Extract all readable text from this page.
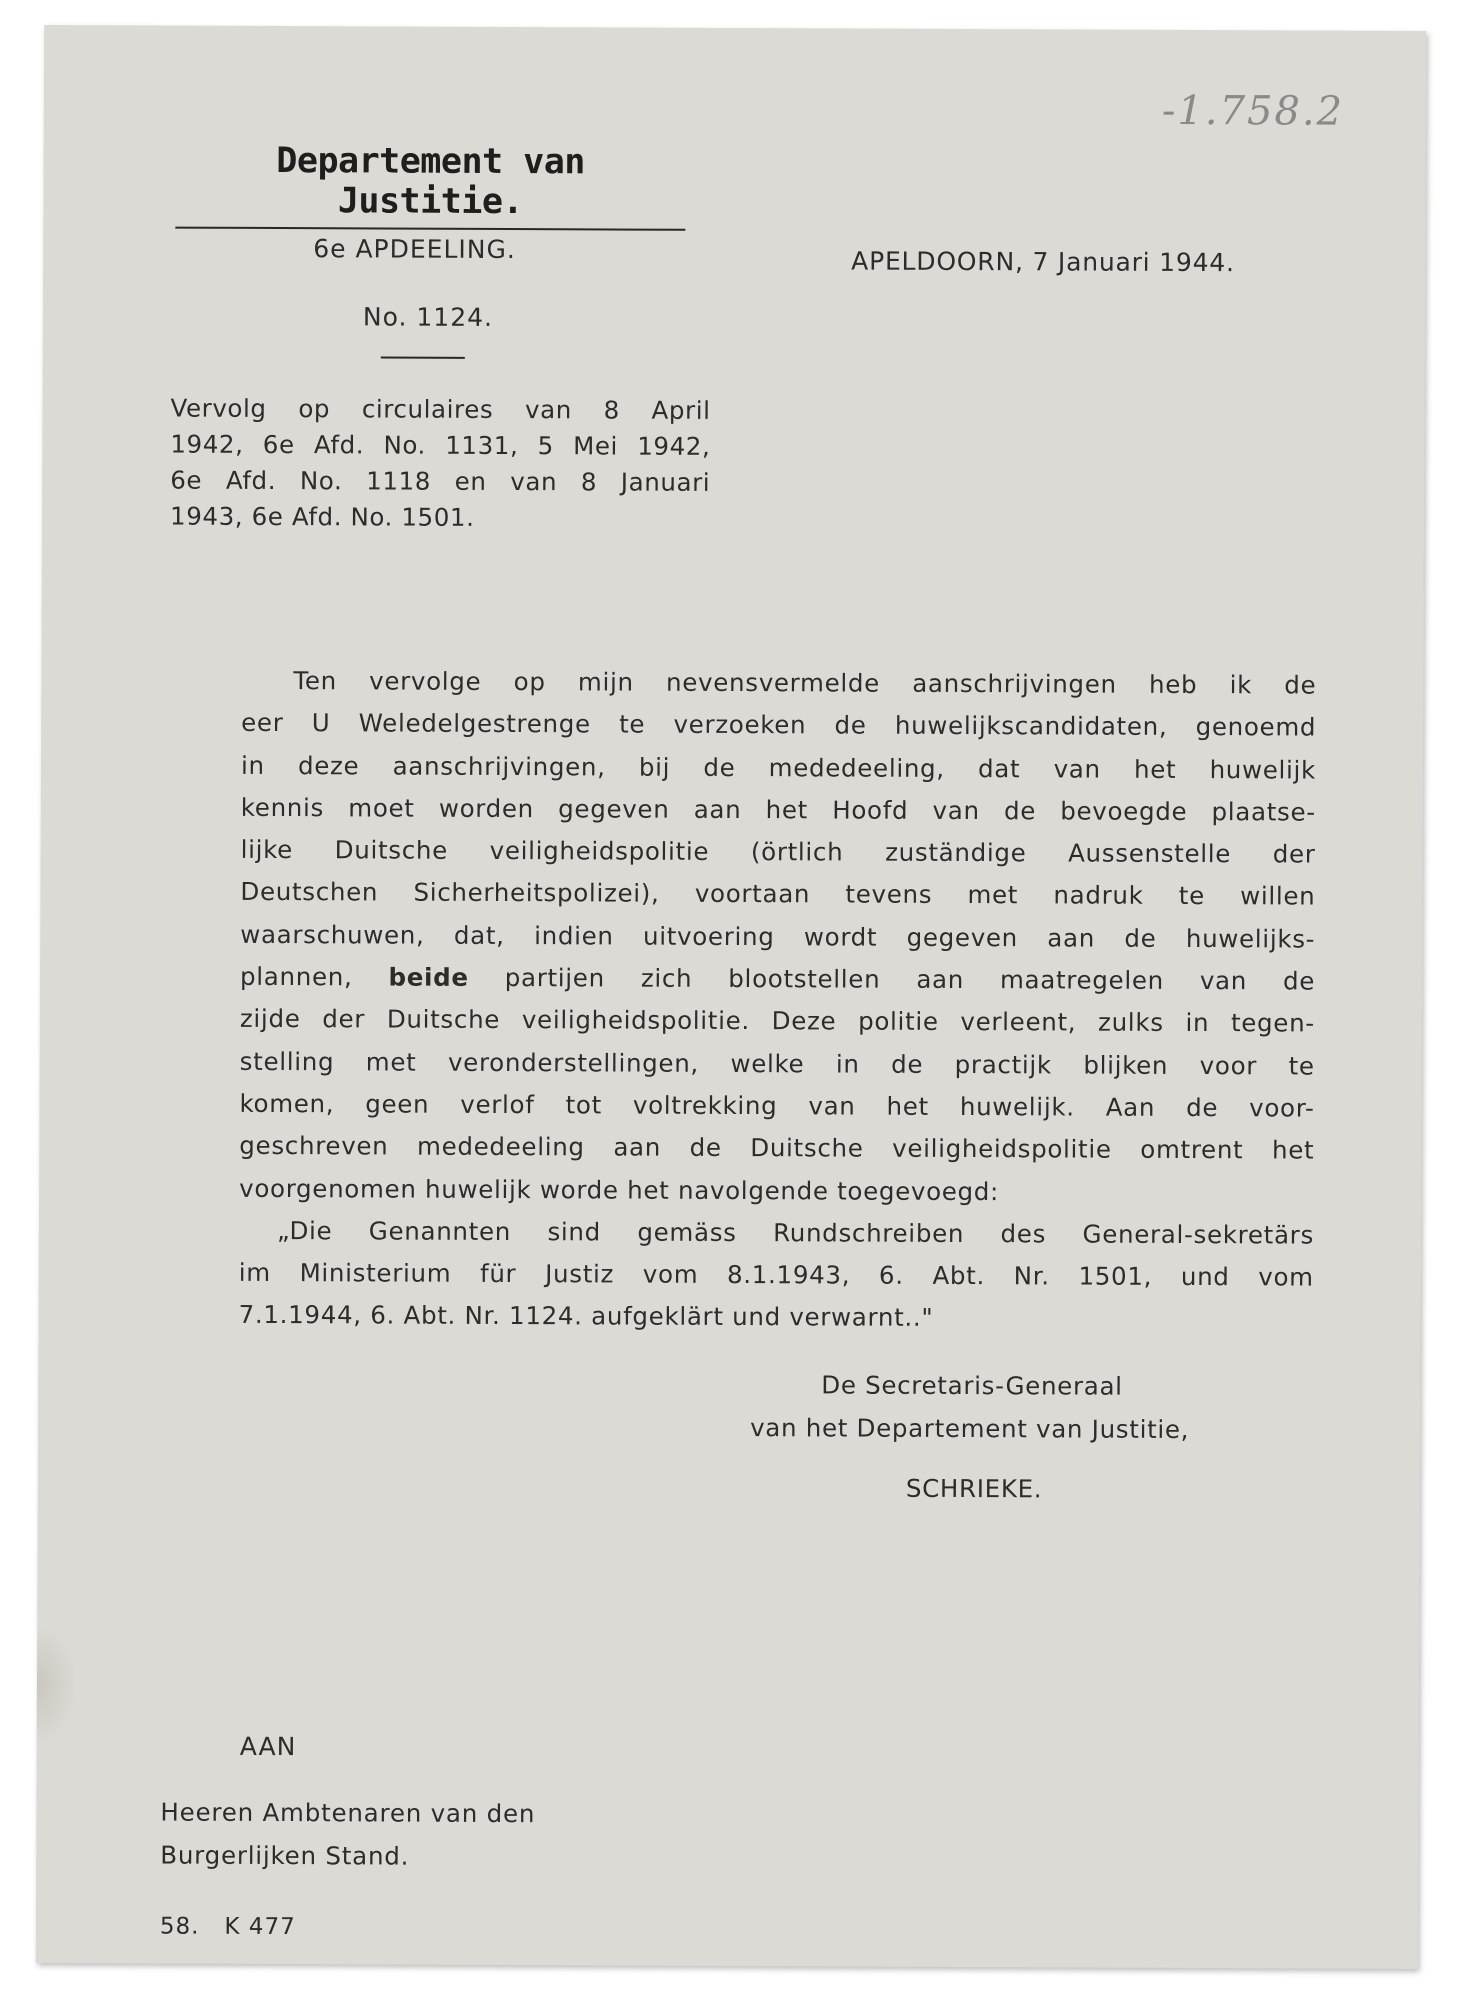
-1.758.2
Departement van Justitie.
6e APDEELING.
No. 1124.
APELDOORN, 7 Januari 1944.
Vervolg op circulaires van 8 April
1942, 6e Afd. No. 1131, 5 Mei 1942,
6e Afd. No. 1118 en van 8 Januari
1943, 6e Afd. No. 1501.
Ten vervolge op mijn nevensvermelde aanschrijvingen heb ik de
eer U Weledelgestrenge te verzoeken de huwelijkscandidaten, genoemd
in deze aanschrijvingen, bij de mededeeling, dat van het huwelijk
kennis moet worden gegeven aan het Hoofd van de bevoegde plaatse-
lijke Duitsche veiligheidspolitie (örtlich zuständige Aussenstelle der
Deutschen Sicherheitspolizei), voortaan tevens met nadruk te willen
waarschuwen, dat, indien uitvoering wordt gegeven aan de huwelijks-
plannen, beide partijen zich blootstellen aan maatregelen van de
zijde der Duitsche veiligheidspolitie. Deze politie verleent, zulks in tegen-
stelling met veronderstellingen, welke in de practijk blijken voor te
komen, geen verlof tot voltrekking van het huwelijk. Aan de voor-
geschreven mededeeling aan de Duitsche veiligheidspolitie omtrent het
voorgenomen huwelijk worde het navolgende toegevoegd:
„Die Genannten sind gemäss Rundschreiben des General-sekretärs
im Ministerium für Justiz vom 8.1.1943, 6. Abt. Nr. 1501, und vom
7.1.1944, 6. Abt. Nr. 1124. aufgeklärt und verwarnt.."
De Secretaris-Generaal
van het Departement van Justitie,
SCHRIEKE.
AAN
Heeren Ambtenaren van den
Burgerlijken Stand.
58.   K 477
